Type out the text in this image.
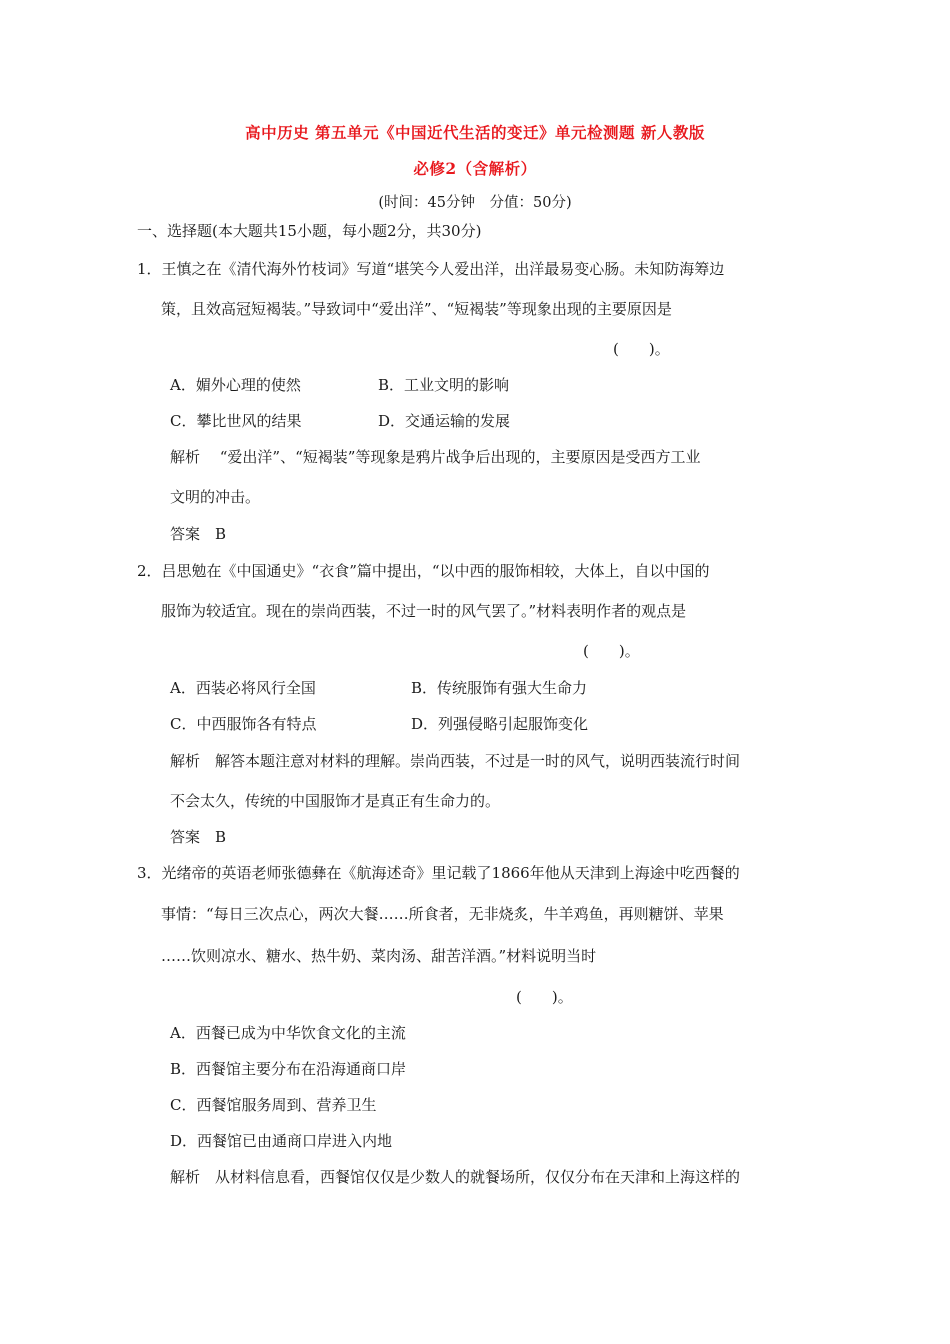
高中历史 第五单元《中国近代生活的变迁》单元检测题 新人教版
必修2（含解析）
(时间：45分钟　分值：50分)
一、选择题(本大题共15小题，每小题2分，共30分)
1．王慎之在《清代海外竹枝词》写道“堪笑今人爱出洋，出洋最易变心肠。未知防海筹边
策，且效高冠短褐装。”导致词中“爱出洋”、“短褐装”等现象出现的主要原因是
(　　)。
A．媚外心理的使然	B．工业文明的影响
C．攀比世风的结果	D．交通运输的发展
解析　 “爱出洋”、“短褐装”等现象是鸦片战争后出现的，主要原因是受西方工业
文明的冲击。
答案　B
2．吕思勉在《中国通史》“衣食”篇中提出，“以中西的服饰相较，大体上，自以中国的
服饰为较适宜。现在的崇尚西装，不过一时的风气罢了。”材料表明作者的观点是
(　　)。
A．西装必将风行全国	B．传统服饰有强大生命力
C．中西服饰各有特点	D．列强侵略引起服饰变化
解析　解答本题注意对材料的理解。崇尚西装，不过是一时的风气，说明西装流行时间
不会太久，传统的中国服饰才是真正有生命力的。
答案　B
3．光绪帝的英语老师张德彝在《航海述奇》里记载了1866年他从天津到上海途中吃西餐的
事情：“每日三次点心，两次大餐……所食者，无非烧炙，牛羊鸡鱼，再则糖饼、苹果
……饮则凉水、糖水、热牛奶、菜肉汤、甜苦洋酒。”材料说明当时
(　　)。
A．西餐已成为中华饮食文化的主流
B．西餐馆主要分布在沿海通商口岸
C．西餐馆服务周到、营养卫生
D．西餐馆已由通商口岸进入内地
解析　从材料信息看，西餐馆仅仅是少数人的就餐场所，仅仅分布在天津和上海这样的
